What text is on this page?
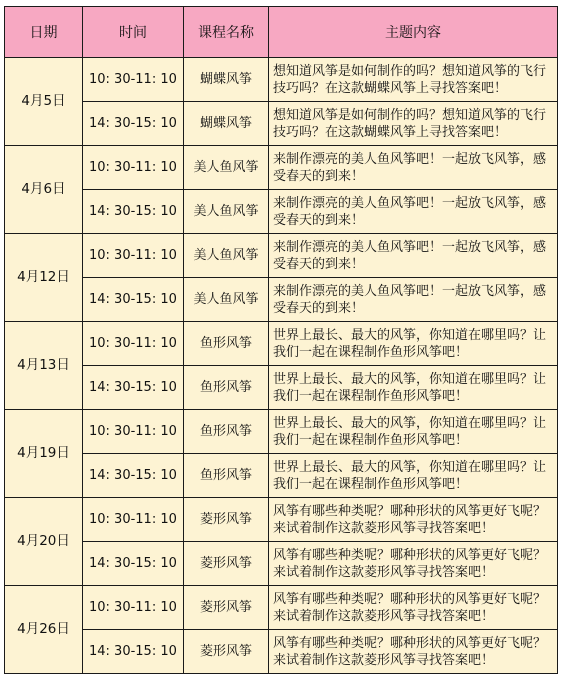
日期	时间	课程名称	主题内容
4月5日	10: 30-11: 10	蝴蝶风筝	想知道风筝是如何制作的吗？想知道风筝的飞行技巧吗？在这款蝴蝶风筝上寻找答案吧！
	14: 30-15: 10	蝴蝶风筝	想知道风筝是如何制作的吗？想知道风筝的飞行技巧吗？在这款蝴蝶风筝上寻找答案吧！
4月6日	10: 30-11: 10	美人鱼风筝	来制作漂亮的美人鱼风筝吧！一起放飞风筝，感受春天的到来！
	14: 30-15: 10	美人鱼风筝	来制作漂亮的美人鱼风筝吧！一起放飞风筝，感受春天的到来！
4月12日	10: 30-11: 10	美人鱼风筝	来制作漂亮的美人鱼风筝吧！一起放飞风筝，感受春天的到来！
	14: 30-15: 10	美人鱼风筝	来制作漂亮的美人鱼风筝吧！一起放飞风筝，感受春天的到来！
4月13日	10: 30-11: 10	鱼形风筝	世界上最长、最大的风筝，你知道在哪里吗？让我们一起在课程制作鱼形风筝吧！
	14: 30-15: 10	鱼形风筝	世界上最长、最大的风筝，你知道在哪里吗？让我们一起在课程制作鱼形风筝吧！
4月19日	10: 30-11: 10	鱼形风筝	世界上最长、最大的风筝，你知道在哪里吗？让我们一起在课程制作鱼形风筝吧！
	14: 30-15: 10	鱼形风筝	世界上最长、最大的风筝，你知道在哪里吗？让我们一起在课程制作鱼形风筝吧！
4月20日	10: 30-11: 10	菱形风筝	风筝有哪些种类呢？哪种形状的风筝更好飞呢？来试着制作这款菱形风筝寻找答案吧！
	14: 30-15: 10	菱形风筝	风筝有哪些种类呢？哪种形状的风筝更好飞呢？来试着制作这款菱形风筝寻找答案吧！
4月26日	10: 30-11: 10	菱形风筝	风筝有哪些种类呢？哪种形状的风筝更好飞呢？来试着制作这款菱形风筝寻找答案吧！
	14: 30-15: 10	菱形风筝	风筝有哪些种类呢？哪种形状的风筝更好飞呢？来试着制作这款菱形风筝寻找答案吧！
